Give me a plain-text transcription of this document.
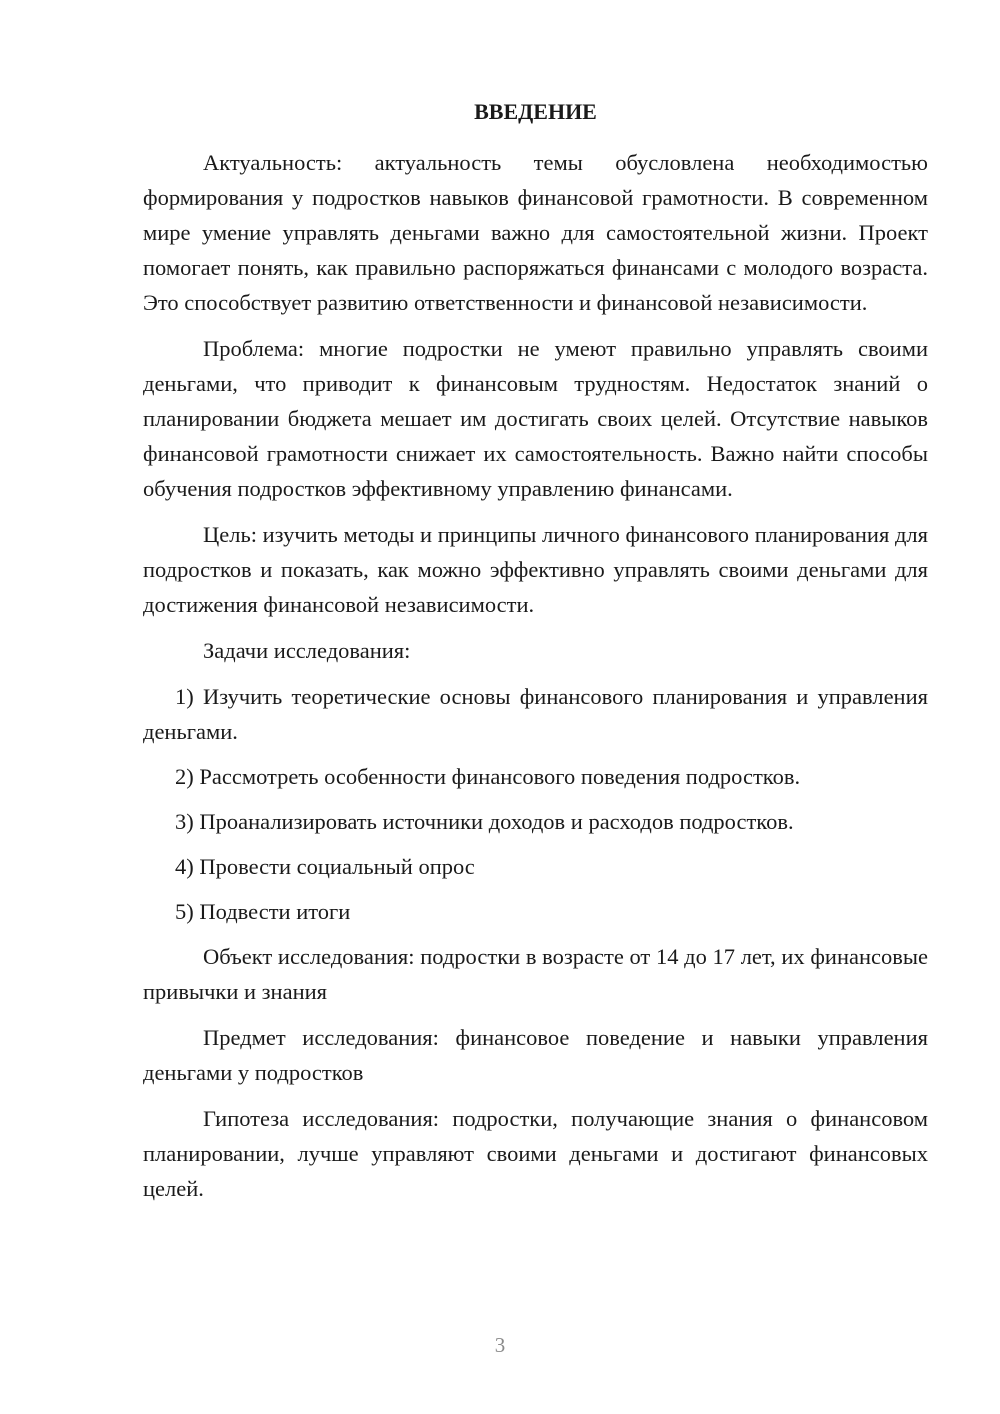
ВВЕДЕНИЕ

Актуальность: актуальность темы обусловлена необходимостью формирования у подростков навыков финансовой грамотности. В современном мире умение управлять деньгами важно для самостоятельной жизни. Проект помогает понять, как правильно распоряжаться финансами с молодого возраста. Это способствует развитию ответственности и финансовой независимости.

Проблема: многие подростки не умеют правильно управлять своими деньгами, что приводит к финансовым трудностям. Недостаток знаний о планировании бюджета мешает им достигать своих целей. Отсутствие навыков финансовой грамотности снижает их самостоятельность. Важно найти способы обучения подростков эффективному управлению финансами.

Цель: изучить методы и принципы личного финансового планирования для подростков и показать, как можно эффективно управлять своими деньгами для достижения финансовой независимости.

Задачи исследования:

1) Изучить теоретические основы финансового планирования и управления деньгами.

2) Рассмотреть особенности финансового поведения подростков.

3) Проанализировать источники доходов и расходов подростков.

4) Провести социальный опрос

5) Подвести итоги

Объект исследования: подростки в возрасте от 14 до 17 лет, их финансовые привычки и знания

Предмет исследования: финансовое поведение и навыки управления деньгами у подростков

Гипотеза исследования: подростки, получающие знания о финансовом планировании, лучше управляют своими деньгами и достигают финансовых целей.

3
